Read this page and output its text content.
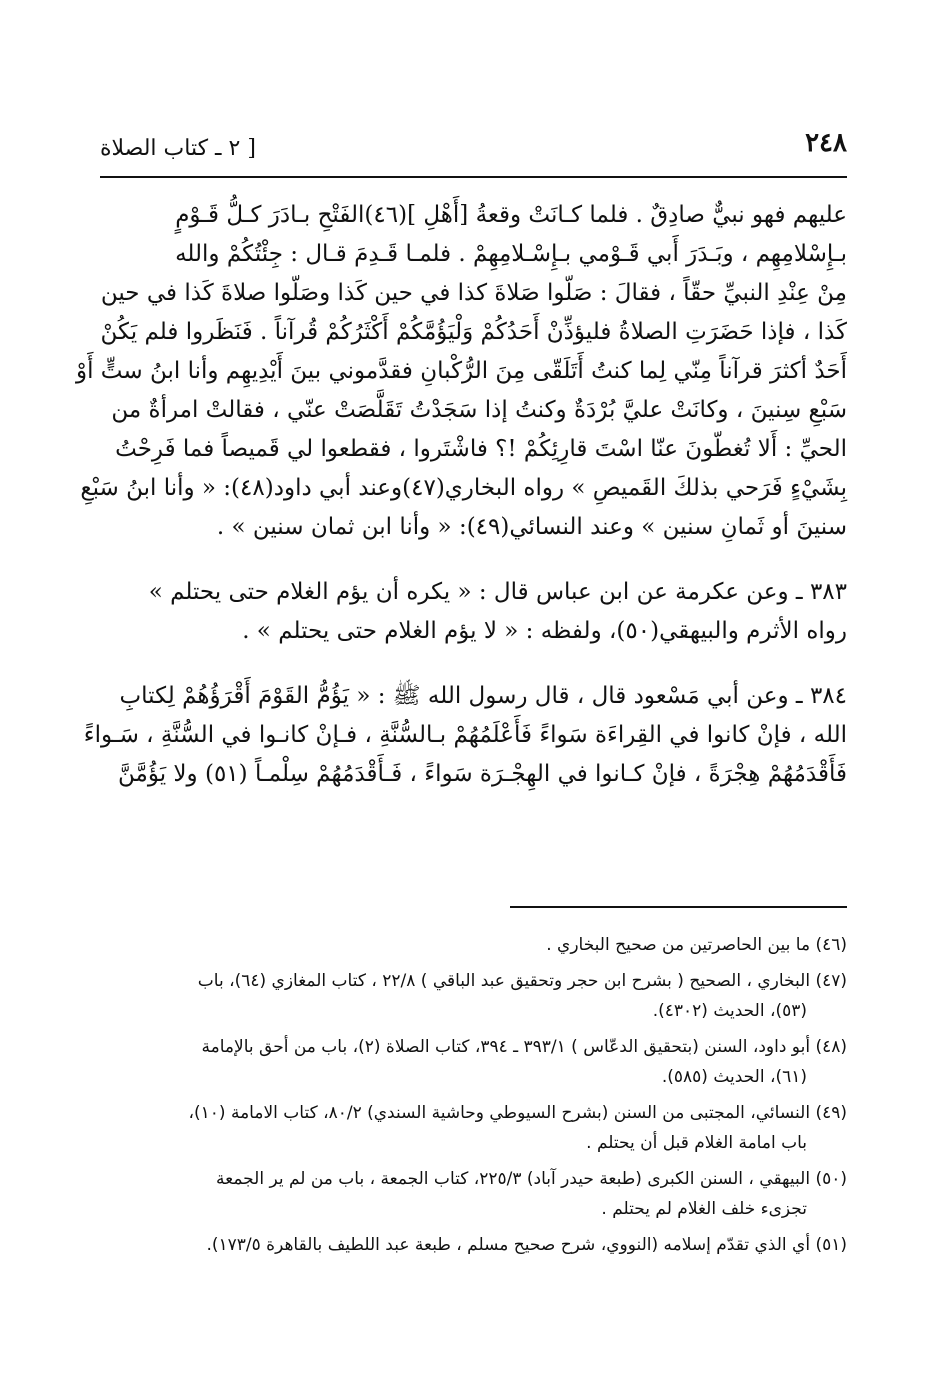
٢٤٨
[ ٢ ـ كتاب الصلاة
عليهم فهو نبيٌّ صادِقٌ . فلما كـانَتْ وقعةُ [أَهْلِ ](٤٦)الفَتْحِ بـادَرَ كـلُّ قَـوْمٍ
بـإِسْلامِهِم ، وبَـدَرَ أَبي قَـوْمي بـإِسْـلامِهِمْ . فلمـا قَـدِمَ قـال : جِئْتُكُمْ والله
مِنْ عِنْدِ النبيِّ حقّاً ، فقالَ : صَلّوا صَلاةَ كذا في حين كَذا وصَلّوا صلاةَ كَذا في حين
كَذا ، فإذا حَضَرَتِ الصلاةُ فليؤذِّنْ أَحَدُكُمْ وَلْيَؤُمَّكُمْ أَكْثَرُكُمْ قُرآناً . فَنَظَروا فلم يَكُنْ
أَحَدٌ أكثرَ قرآناً مِنّي لِما كنتُ أَتَلَقّى مِنَ الرُّكْبانِ فقدَّموني بينَ أَيْدِيهِم وأنا ابنُ ستٍّ أَوْ
سَبْعِ سِنينَ ، وكانَتْ عليَّ بُرْدَةٌ وكنتُ إذا سَجَدْتُ تَقَلَّصَتْ عنّي ، فقالتْ امرأةٌ من
الحيِّ : أَلا تُغطّونَ عنّا اسْتَ قارِئِكُمْ !؟ فاشْتَروا ، فقطعوا لي قَميصاً فما فَرِحْتُ
بِشَيْءٍ فَرَحي بذلكَ القَميصِ » رواه البخاري(٤٧)وعند أبي داود(٤٨): « وأنا ابنُ سَبْعِ
سنينَ أو ثَمانِ سنين » وعند النسائي(٤٩): « وأنا ابن ثمان سنين » .
٣٨٣ ـ وعن عكرمة عن ابن عباس قال : « يكره أن يؤم الغلام حتى يحتلم »
رواه الأثرم والبيهقي(٥٠)، ولفظه : « لا يؤم الغلام حتى يحتلم » .
٣٨٤ ـ وعن أبي مَسْعود قال ، قال رسول الله ﷺ : « يَؤُمُّ القَوْمَ أَقْرَؤُهُمْ لِكتابِ
الله ، فإنْ كانوا في القِراءَة سَواءً فَأَعْلَمُهُمْ بـالسُّنَّةِ ، فـإنْ كانـوا في السُّنَّةِ ، سَـواءً
فَأَقْدَمُهُمْ هِجْرَةً ، فإنْ كـانوا في الهِجْـرَة سَواءً ، فَـأَقْدَمُهُمْ سِلْمـاً (٥١) ولا يَؤُمَّنَّ
(٤٦) ما بين الحاصرتين من صحيح البخاري .
(٤٧) البخاري ، الصحيح ( بشرح ابن حجر وتحقيق عبد الباقي ) ٢٢/٨ ، كتاب المغازي (٦٤)، باب
(٥٣)، الحديث (٤٣٠٢).
(٤٨) أبو داود، السنن (بتحقيق الدعّاس ) ٣٩٣/١ ـ ٣٩٤، كتاب الصلاة (٢)، باب من أحق بالإمامة
(٦١)، الحديث (٥٨٥).
(٤٩) النسائي، المجتبى من السنن (بشرح السيوطي وحاشية السندي) ٨٠/٢، كتاب الامامة (١٠)،
باب امامة الغلام قبل أن يحتلم .
(٥٠) البيهقي ، السنن الكبرى (طبعة حيدر آباد) ٢٢٥/٣، كتاب الجمعة ، باب من لم ير الجمعة
تجزىء خلف الغلام لم يحتلم .
(٥١) أي الذي تقدّم إسلامه (النووي، شرح صحيح مسلم ، طبعة عبد اللطيف بالقاهرة ١٧٣/٥).
